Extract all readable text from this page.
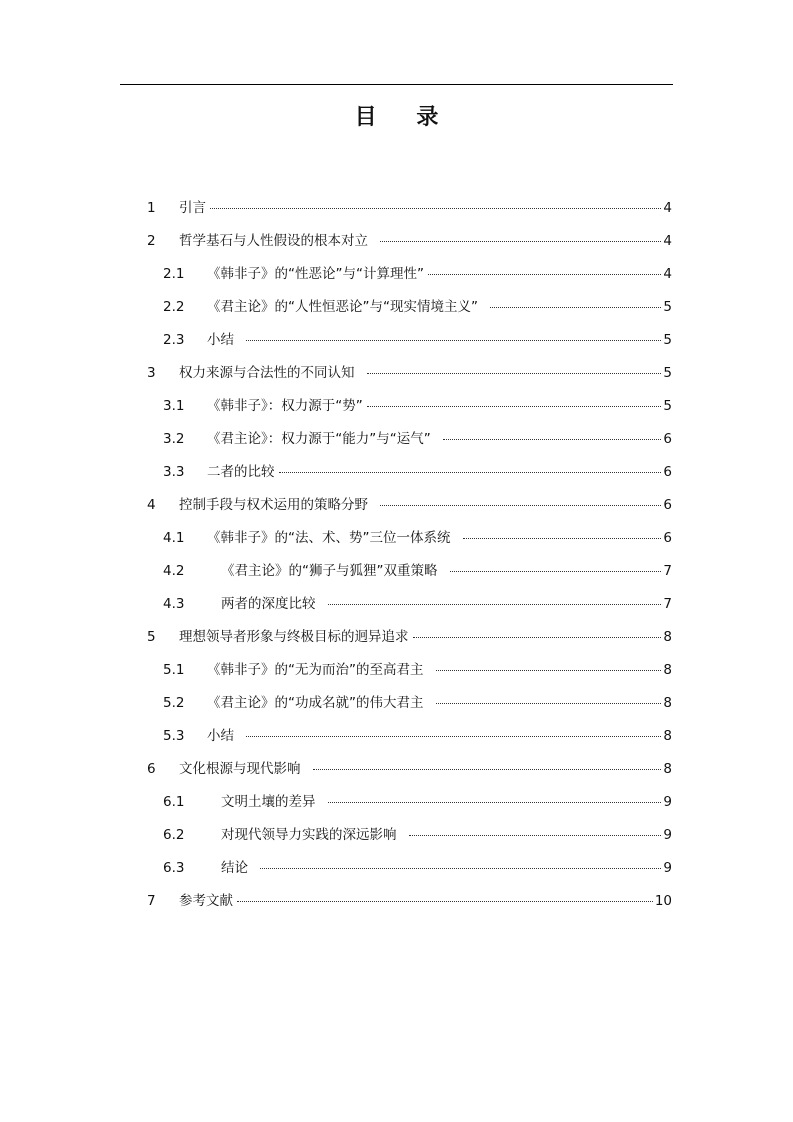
目 录
1	引言	4
2	哲学基石与人性假设的根本对立	4
2.1	《韩非子》的“性恶论”与“计算理性”	4
2.2	《君主论》的“人性恒恶论”与“现实情境主义”	5
2.3	小结	5
3	权力来源与合法性的不同认知	5
3.1	《韩非子》：权力源于“势”	5
3.2	《君主论》：权力源于“能力”与“运气”	6
3.3	二者的比较	6
4	控制手段与权术运用的策略分野	6
4.1	《韩非子》的“法、术、势”三位一体系统	6
4.2	《君主论》的“狮子与狐狸”双重策略	7
4.3	两者的深度比较	7
5	理想领导者形象与终极目标的迥异追求	8
5.1	《韩非子》的“无为而治”的至高君主	8
5.2	《君主论》的“功成名就”的伟大君主	8
5.3	小结	8
6	文化根源与现代影响	8
6.1	文明土壤的差异	9
6.2	对现代领导力实践的深远影响	9
6.3	结论	9
7	参考文献	10
